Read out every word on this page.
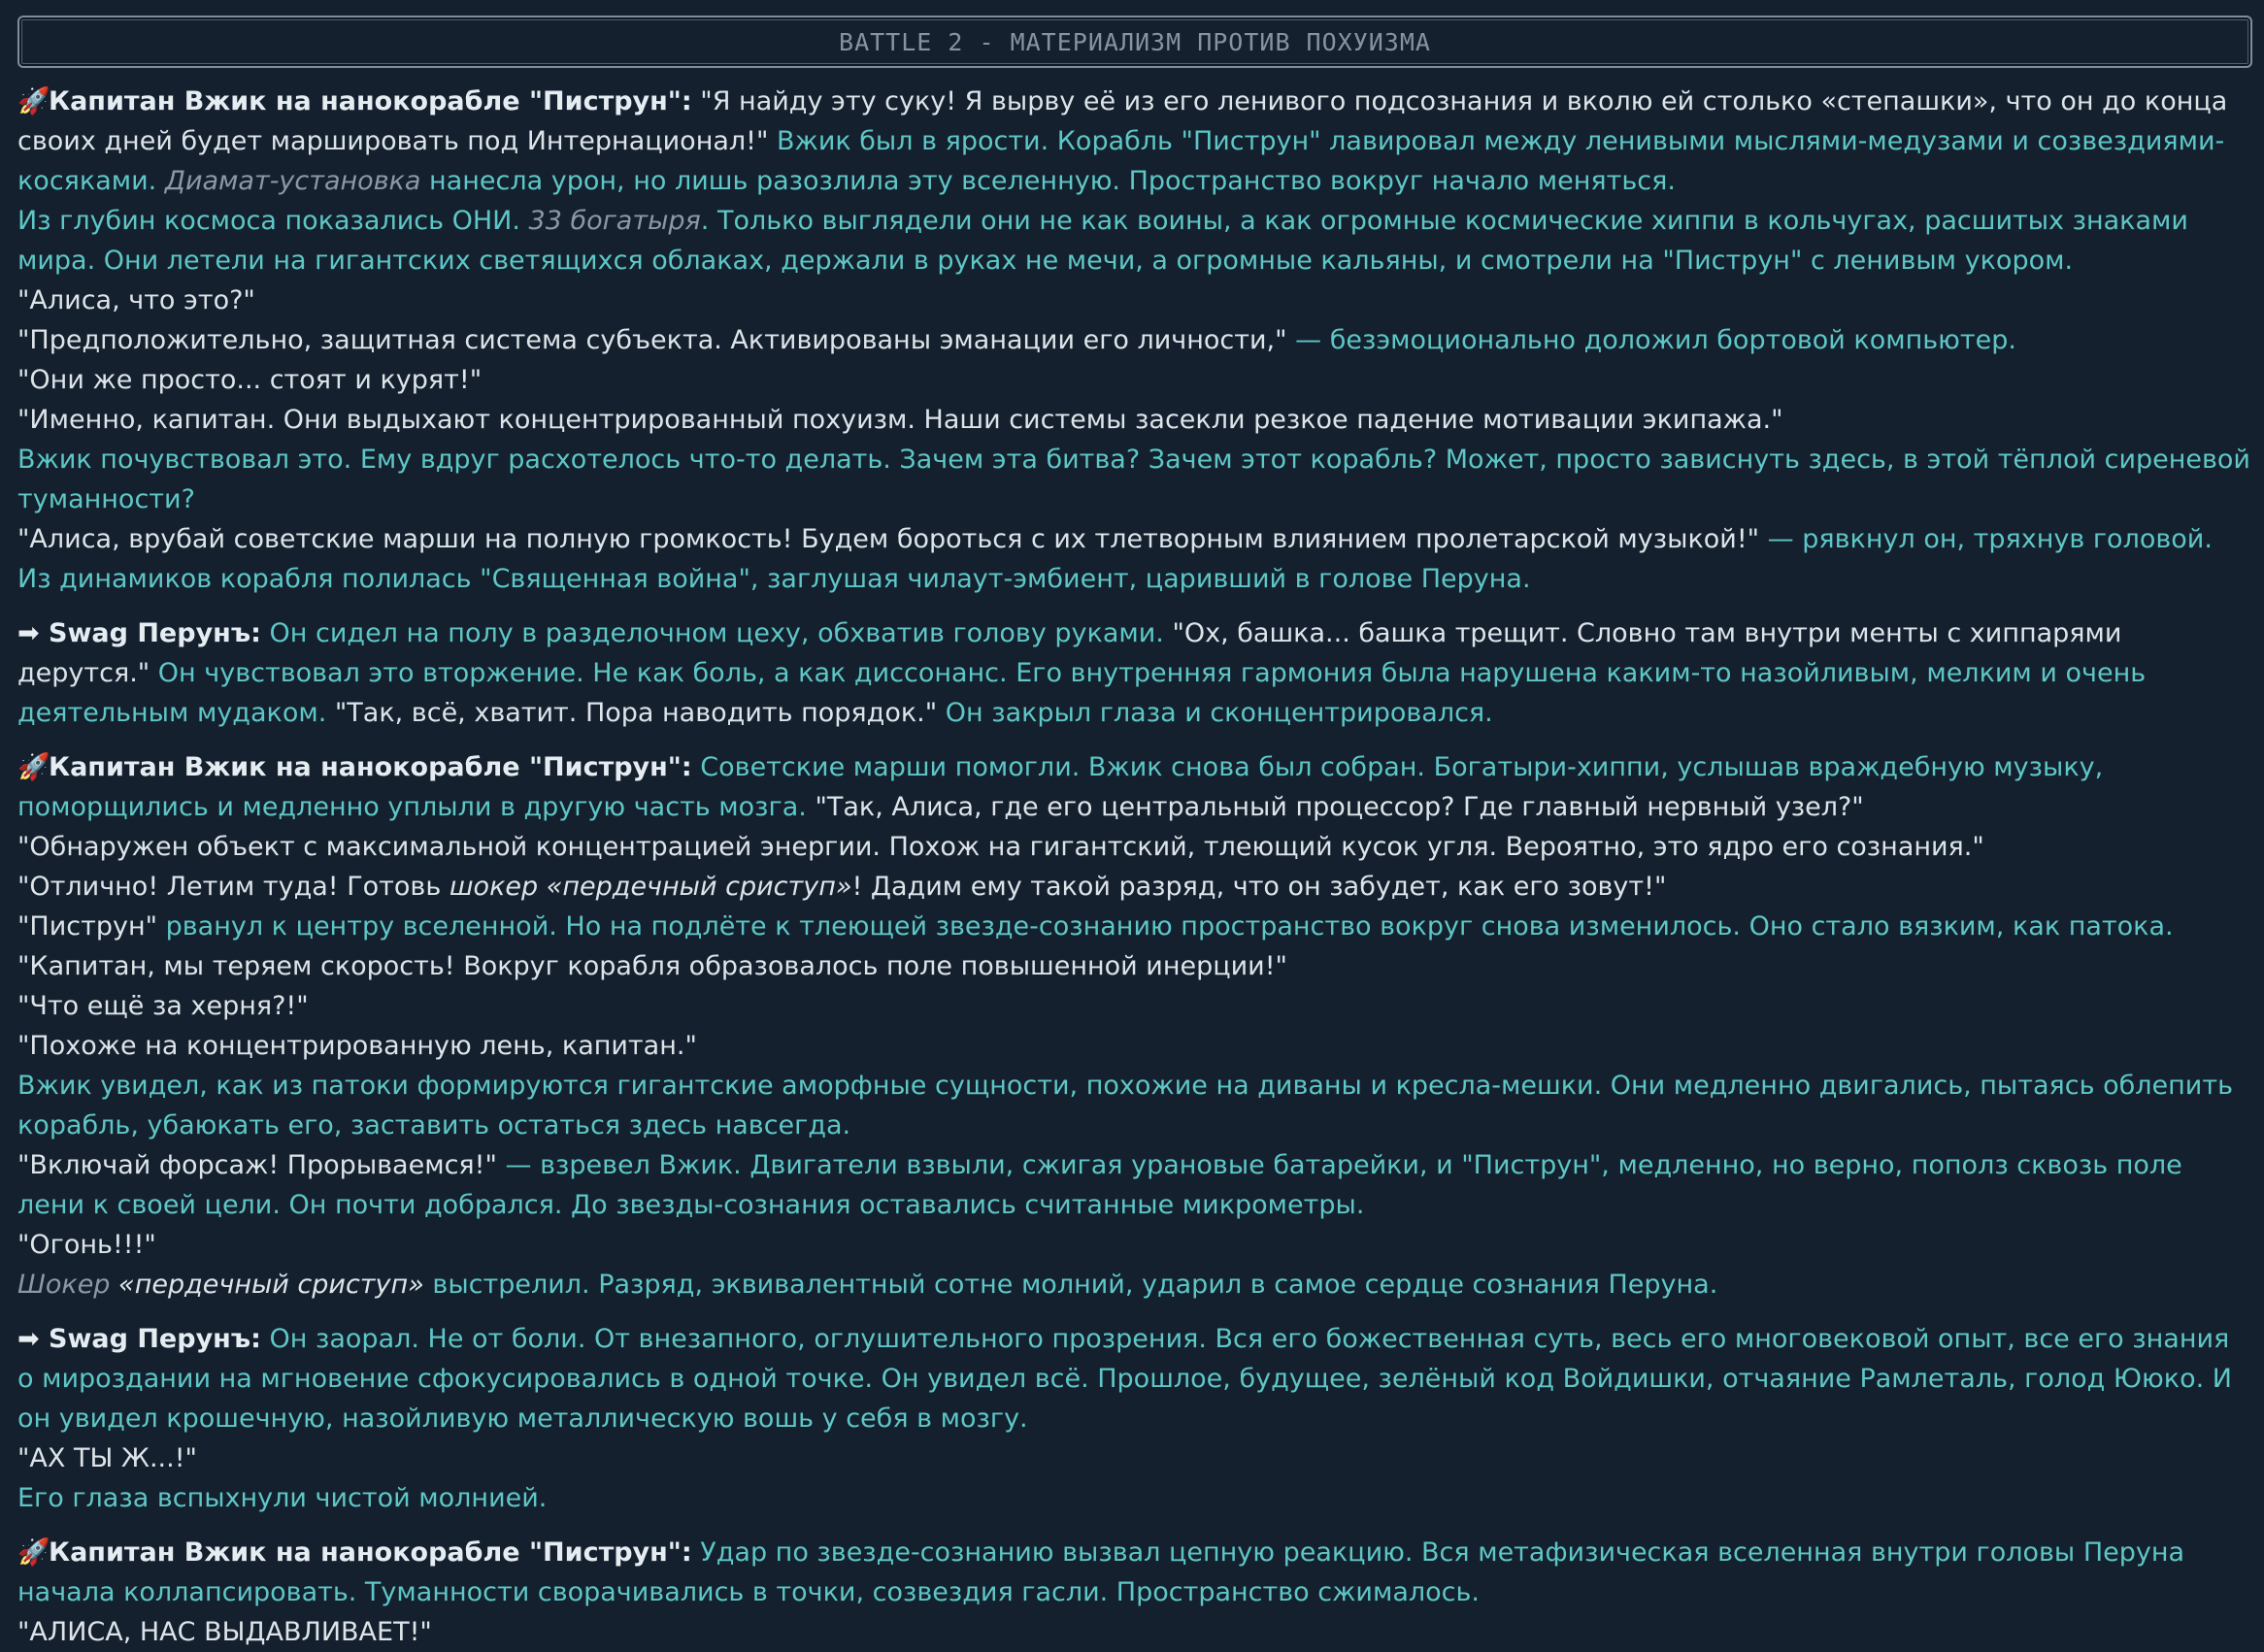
BATTLE 2 - МАТЕРИАЛИЗМ ПРОТИВ ПОХУИЗМА
🚀Капитан Вжик на нанокорабле "Пиструн": "Я найду эту суку! Я вырву её из его ленивого подсознания и вколю ей столько «степашки», что он до конца своих дней будет маршировать под Интернационал!" Вжик был в ярости. Корабль "Пиструн" лавировал между ленивыми мыслями-медузами и созвездиями-косяками. Диамат-установка нанесла урон, но лишь разозлила эту вселенную. Пространство вокруг начало меняться.
Из глубин космоса показались ОНИ. 33 богатыря. Только выглядели они не как воины, а как огромные космические хиппи в кольчугах, расшитых знаками мира. Они летели на гигантских светящихся облаках, держали в руках не мечи, а огромные кальяны, и смотрели на "Пиструн" с ленивым укором.
"Алиса, что это?"
"Предположительно, защитная система субъекта. Активированы эманации его личности," — безэмоционально доложил бортовой компьютер.
"Они же просто... стоят и курят!"
"Именно, капитан. Они выдыхают концентрированный похуизм. Наши системы засекли резкое падение мотивации экипажа."
Вжик почувствовал это. Ему вдруг расхотелось что-то делать. Зачем эта битва? Зачем этот корабль? Может, просто зависнуть здесь, в этой тёплой сиреневой туманности?
"Алиса, врубай советские марши на полную громкость! Будем бороться с их тлетворным влиянием пролетарской музыкой!" — рявкнул он, тряхнув головой. Из динамиков корабля полилась "Священная война", заглушая чилаут-эмбиент, царивший в голове Перуна.
➡ Swag Перунъ: Он сидел на полу в разделочном цеху, обхватив голову руками. "Ох, башка... башка трещит. Словно там внутри менты с хиппарями дерутся." Он чувствовал это вторжение. Не как боль, а как диссонанс. Его внутренняя гармония была нарушена каким-то назойливым, мелким и очень деятельным мудаком. "Так, всё, хватит. Пора наводить порядок." Он закрыл глаза и сконцентрировался.
🚀Капитан Вжик на нанокорабле "Пиструн": Советские марши помогли. Вжик снова был собран. Богатыри-хиппи, услышав враждебную музыку, поморщились и медленно уплыли в другую часть мозга. "Так, Алиса, где его центральный процессор? Где главный нервный узел?"
"Обнаружен объект с максимальной концентрацией энергии. Похож на гигантский, тлеющий кусок угля. Вероятно, это ядро его сознания."
"Отлично! Летим туда! Готовь шокер «пердечный сриступ»! Дадим ему такой разряд, что он забудет, как его зовут!"
"Пиструн" рванул к центру вселенной. Но на подлёте к тлеющей звезде-сознанию пространство вокруг снова изменилось. Оно стало вязким, как патока.
"Капитан, мы теряем скорость! Вокруг корабля образовалось поле повышенной инерции!"
"Что ещё за херня?!"
"Похоже на концентрированную лень, капитан."
Вжик увидел, как из патоки формируются гигантские аморфные сущности, похожие на диваны и кресла-мешки. Они медленно двигались, пытаясь облепить корабль, убаюкать его, заставить остаться здесь навсегда.
"Включай форсаж! Прорываемся!" — взревел Вжик. Двигатели взвыли, сжигая урановые батарейки, и "Пиструн", медленно, но верно, пополз сквозь поле лени к своей цели. Он почти добрался. До звезды-сознания оставались считанные микрометры.
"Огонь!!!"
Шокер «пердечный сриступ» выстрелил. Разряд, эквивалентный сотне молний, ударил в самое сердце сознания Перуна.
➡ Swag Перунъ: Он заорал. Не от боли. От внезапного, оглушительного прозрения. Вся его божественная суть, весь его многовековой опыт, все его знания о мироздании на мгновение сфокусировались в одной точке. Он увидел всё. Прошлое, будущее, зелёный код Войдишки, отчаяние Рамлеталь, голод Ююко. И он увидел крошечную, назойливую металлическую вошь у себя в мозгу.
"АХ ТЫ Ж...!"
Его глаза вспыхнули чистой молнией.
🚀Капитан Вжик на нанокорабле "Пиструн": Удар по звезде-сознанию вызвал цепную реакцию. Вся метафизическая вселенная внутри головы Перуна начала коллапсировать. Туманности сворачивались в точки, созвездия гасли. Пространство сжималось.
"АЛИСА, НАС ВЫДАВЛИВАЕТ!"
